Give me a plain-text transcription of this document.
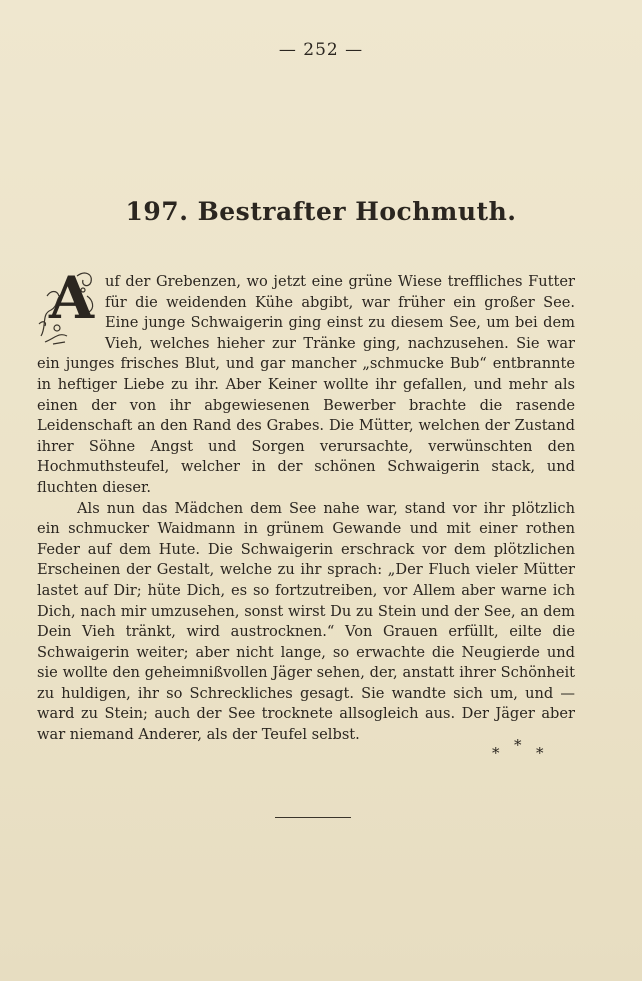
— 252 —
197. Bestrafter Hochmuth.

A uf der Grebenzen, wo jetzt eine grüne Wiese treffliches Futter für die weidenden Kühe abgibt, war früher ein großer See. Eine junge Schwaigerin ging einst zu diesem See, um bei dem Vieh, welches hieher zur Tränke ging, nachzusehen. Sie war ein junges frisches Blut, und gar mancher „schmucke Bub“ entbrannte in heftiger Liebe zu ihr. Aber Keiner wollte ihr gefallen, und mehr als einen der von ihr abgewiesenen Bewerber brachte die rasende Leidenschaft an den Rand des Grabes. Die Mütter, welchen der Zustand ihrer Söhne Angst und Sorgen verursachte, verwünschten den Hochmuthsteufel, welcher in der schönen Schwaigerin stack, und fluchten dieser.

Als nun das Mädchen dem See nahe war, stand vor ihr plötzlich ein schmucker Waidmann in grünem Gewande und mit einer rothen Feder auf dem Hute. Die Schwaigerin erschrack vor dem plötzlichen Erscheinen der Gestalt, welche zu ihr sprach: „Der Fluch vieler Mütter lastet auf Dir; hüte Dich, es so fortzutreiben, vor Allem aber warne ich Dich, nach mir umzusehen, sonst wirst Du zu Stein und der See, an dem Dein Vieh tränkt, wird austrocknen.“ Von Grauen erfüllt, eilte die Schwaigerin weiter; aber nicht lange, so erwachte die Neugierde und sie wollte den geheimnißvollen Jäger sehen, der, anstatt ihrer Schönheit zu huldigen, ihr so Schreckliches gesagt. Sie wandte sich um, und — ward zu Stein; auch der See trocknete allsogleich aus. Der Jäger aber war niemand Anderer, als der Teufel selbst.

* * *
